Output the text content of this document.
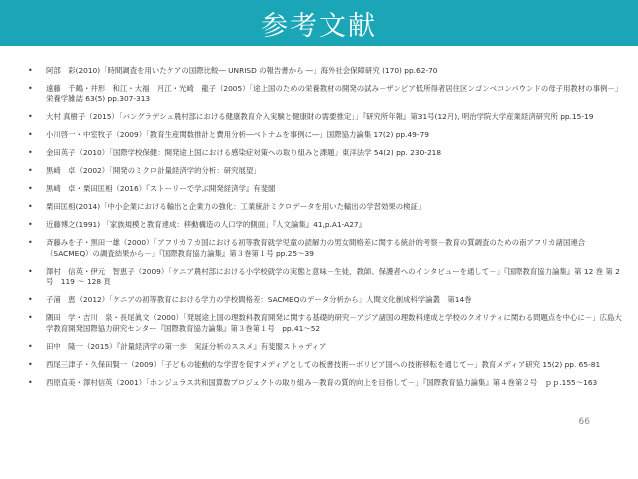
参考文献
• 阿部　彩(2010)「時間調査を用いたケアの国際比較― UNRISD の報告書から ―」海外社会保障研究 (170) pp.62-70
• 遠藤　千鶴・井形　和江・大福　月江・光崎　龍子（2005）「途上国のための栄養教材の開発の試み－ザンビア低所得者居住区ンゴンベコンパウンドの母子用教材の事例－」栄養学雑誌 63(5) pp.307-313
• 大村 真樹子（2015）「バングラデシュ農村部における健康教育介入実験と健康財の需要推定」」『研究所年報』第31号(12月), 明治学院大学産業経済研究所 pp.15-19
• 小川啓一・中室牧子（2009）「教育生産関数推計と費用分析―ベトナムを事例に―」国際協力論集 17(2) pp.49-79
• 金田英子（2010）「国際学校保健：開発途上国における感染症対策への取り組みと課題」東洋法学 54(2) pp. 230-218
• 黒崎　卓（2002）「開発のミクロ計量経済学的分析：研究展望」
• 黒崎　卓・栗田匡相（2016）『ストーリーで学ぶ開発経済学』有斐閣
• 栗田匡相(2014)「中小企業における輸出と企業力の強化：工業統計ミクロデータを用いた輸出の学習効果の検証」
• 近藤博之(1991) 「家族規模と教育達成：移動構造の人口学的側面」『人文論集』41,p.A1-A27』
• 斉藤みを子・黒田一雄（2000）「アフリカ７カ国における初等教育就学児童の読解力の男女間格差に関する統計的考察－教育の質調査のための南アフリカ諸国連合（SACMEQ）の調査結果から－」『国際教育協力論集』第３巻第１号 pp.25～39
• 澤村　信英・伊元　智恵子（2009）「ケニア農村部における小学校就学の実態と意味－生徒、教師、保護者へのインタビューを通して－」『国際教育協力論集』第 12 巻 第 2 号　119 ～ 128 頁
• 子浦　恵（2012）「ケニアの初等教育における学力の学校間格差：SACMEQのデータ分析から」人間文化創成科学論叢　第14巻
• 隅田　学・吉川　泉・長尾眞文（2000）「発展途上国の理数科教育開発に関する基礎的研究－アジア諸国の理数科達成と学校のクオリティに関わる問題点を中心に－」広島大学教育開発国際協力研究センター『国際教育協力論集』第３巻第１号　pp.41～52
• 田中　隆一（2015）『計量経済学の第一歩　実証分析のススメ』有斐閣ストゥディア
• 西尾三津子・久保田賢一（2009）「子どもの能動的な学習を促すメディアとしての板書技術ーボリビア国への技術移転を通じてー」教育メディア研究 15(2) pp. 65-81
• 西原直美・澤村信英（2001）「ホンジュラス共和国算数プロジェクトの取り組み－教育の質的向上を目指して－」『国際教育協力論集』第４巻第２号　ｐｐ.155～163
66
